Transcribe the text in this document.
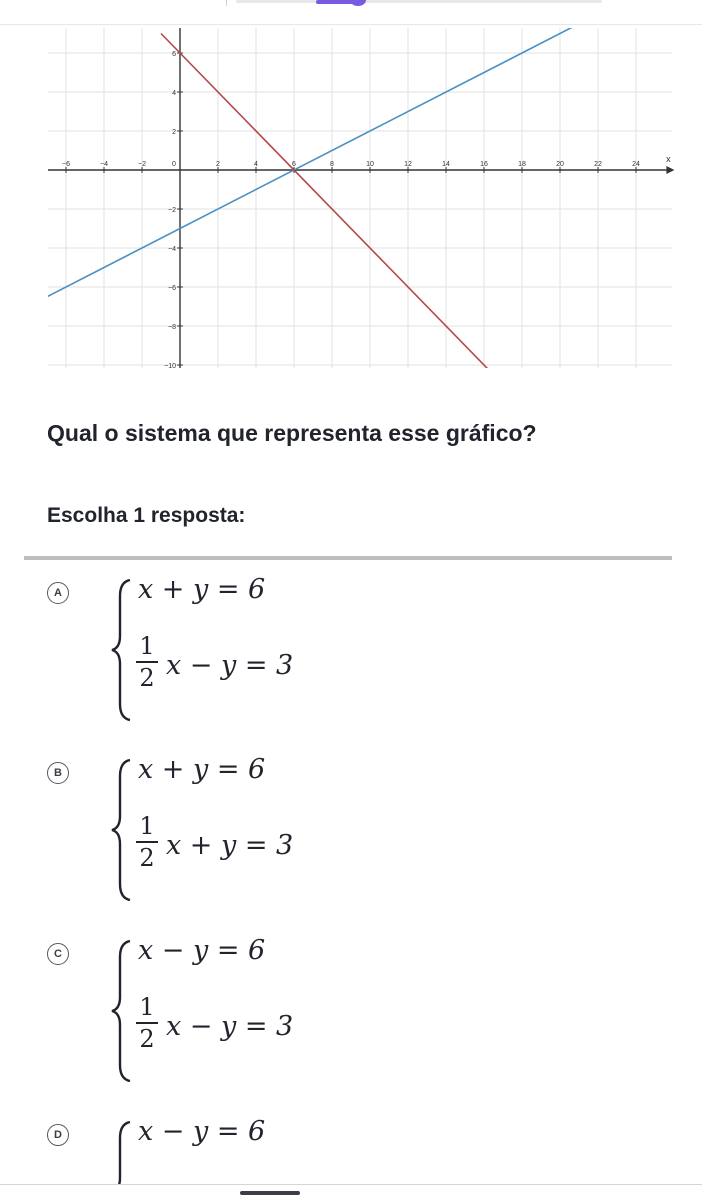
−6	−4	−2	0	2	4	6	8	10	12	14	16	18	20	22	24
6
4
2
−2
−4
−6
−8
−10
x

Qual o sistema que representa esse gráfico?

Escolha 1 resposta:

A	x + y = 6
1
2 x − y = 3
B	x + y = 6
1
2 x + y = 3
C	x − y = 6
1
2 x − y = 3
D	x − y = 6
